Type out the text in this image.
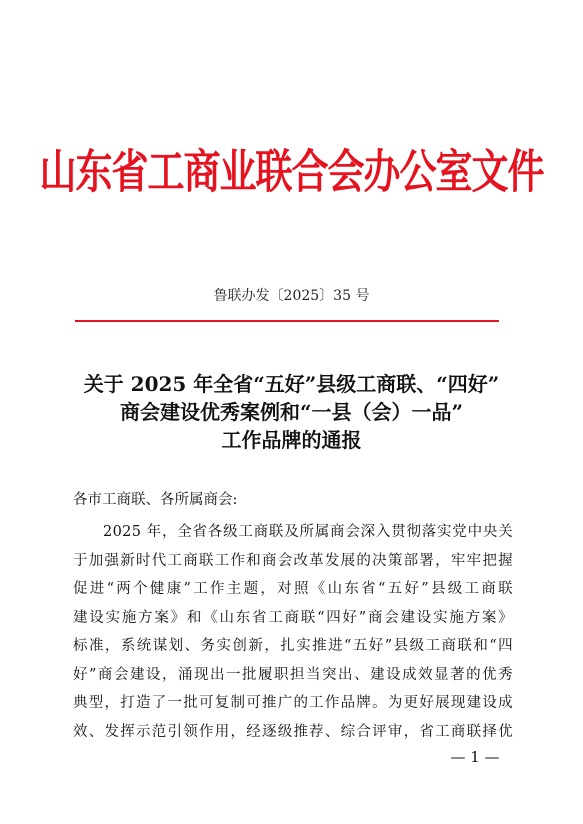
山东省工商业联合会办公室文件
鲁联办发〔2025〕35 号
关于 2025 年全省“五好”县级工商联、“四好”
商会建设优秀案例和“一县（会）一品”
工作品牌的通报
各市工商联、各所属商会:
2025 年，全省各级工商联及所属商会深入贯彻落实党中央关
于加强新时代工商联工作和商会改革发展的决策部署，牢牢把握
促进“两个健康”工作主题，对照《山东省“五好”县级工商联
建设实施方案》和《山东省工商联“四好”商会建设实施方案》
标准，系统谋划、务实创新，扎实推进“五好”县级工商联和“四
好”商会建设，涌现出一批履职担当突出、建设成效显著的优秀
典型，打造了一批可复制可推广的工作品牌。为更好展现建设成
效、发挥示范引领作用，经逐级推荐、综合评审，省工商联择优
— 1 —
